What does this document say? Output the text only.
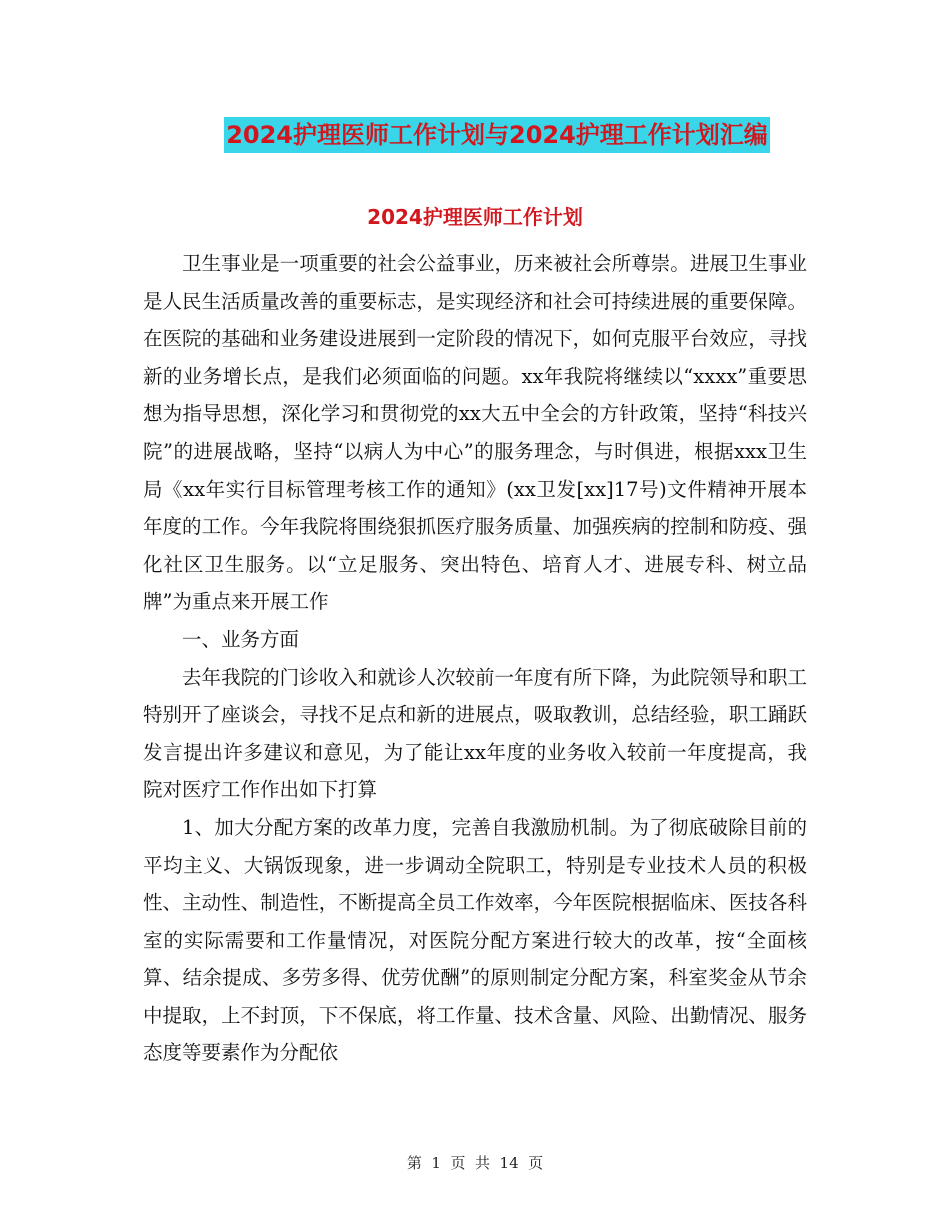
2024护理医师工作计划与2024护理工作计划汇编
2024护理医师工作计划

卫生事业是一项重要的社会公益事业，历来被社会所尊崇。进展卫生事业是人民生活质量改善的重要标志，是实现经济和社会可持续进展的重要保障。在医院的基础和业务建设进展到一定阶段的情况下，如何克服平台效应，寻找新的业务增长点，是我们必须面临的问题。xx年我院将继续以“xxxx”重要思想为指导思想，深化学习和贯彻党的xx大五中全会的方针政策，坚持“科技兴院”的进展战略，坚持“以病人为中心”的服务理念，与时俱进，根据xxx卫生局《xx年实行目标管理考核工作的通知》(xx卫发[xx]17号)文件精神开展本年度的工作。今年我院将围绕狠抓医疗服务质量、加强疾病的控制和防疫、强化社区卫生服务。以“立足服务、突出特色、培育人才、进展专科、树立品牌”为重点来开展工作

一、业务方面

去年我院的门诊收入和就诊人次较前一年度有所下降，为此院领导和职工特别开了座谈会，寻找不足点和新的进展点，吸取教训，总结经验，职工踊跃发言提出许多建议和意见，为了能让xx年度的业务收入较前一年度提高，我院对医疗工作作出如下打算

1、加大分配方案的改革力度，完善自我激励机制。为了彻底破除目前的平均主义、大锅饭现象，进一步调动全院职工，特别是专业技术人员的积极性、主动性、制造性，不断提高全员工作效率，今年医院根据临床、医技各科室的实际需要和工作量情况，对医院分配方案进行较大的改革，按“全面核算、结余提成、多劳多得、优劳优酬”的原则制定分配方案，科室奖金从节余中提取，上不封顶，下不保底，将工作量、技术含量、风险、出勤情况、服务态度等要素作为分配依

第  1  页  共  14  页
